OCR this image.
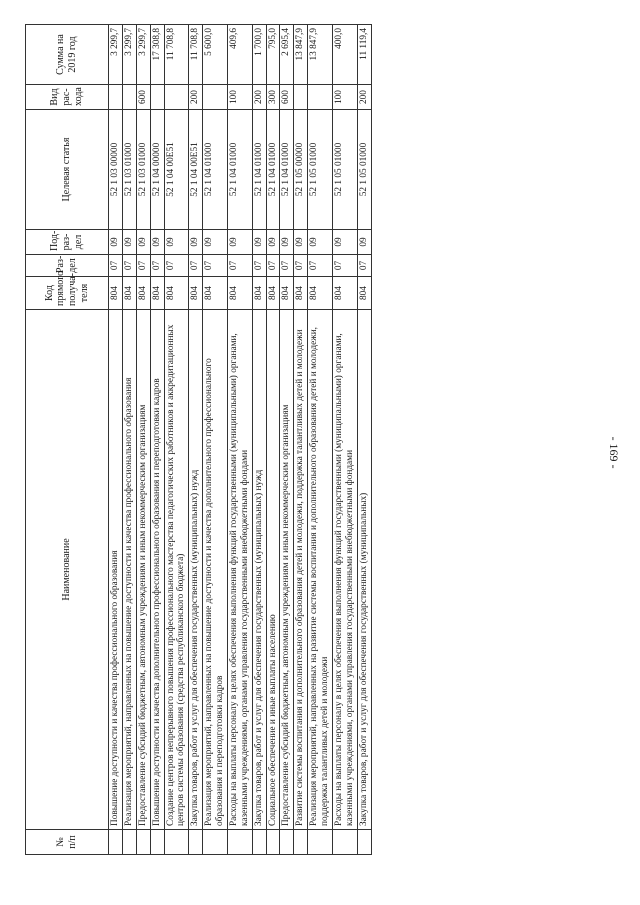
- 169 -
№ п/п	Наименование	Код прямого получа-теля	Раз-дел	Под-раз-дел	Целевая статья	Вид рас-хода	Сумма на 2019 год
	Повышение доступности и качества профессионального образования	804	07	09	52 1 03 00000		3 299,7
	Реализация мероприятий, направленных на повышение доступности и качества профессионального образования	804	07	09	52 1 03 01000		3 299,7
	Предоставление субсидий бюджетным, автономным учреждениям и иным некоммерческим организациям	804	07	09	52 1 03 01000	600	3 299,7
	Повышение доступности и качества дополнительного профессионального образования и переподготовки кадров	804	07	09	52 1 04 00000		17 308,8
	Создание центров непрерывного повышения профессионального мастерства педагогических работников и аккредитационных центров системы образования (средства республиканского бюджета)	804	07	09	52 1 04 00Е51		11 708,8
	Закупка товаров, работ и услуг для обеспечения государственных (муниципальных) нужд	804	07	09	52 1 04 00Е51	200	11 708,8
	Реализация мероприятий, направленных на повышение доступности и качества дополнительного профессионального образования и переподготовки кадров	804	07	09	52 1 04 01000		5 600,0
	Расходы на выплаты персоналу в целях обеспечения выполнения функций государственными (муниципальными) органами, казенными учреждениями, органами управления государственными внебюджетными фондами	804	07	09	52 1 04 01000	100	409,6
	Закупка товаров, работ и услуг для обеспечения государственных (муниципальных) нужд	804	07	09	52 1 04 01000	200	1 700,0
	Социальное обеспечение и иные выплаты населению	804	07	09	52 1 04 01000	300	795,0
	Предоставление субсидий бюджетным, автономным учреждениям и иным некоммерческим организациям	804	07	09	52 1 04 01000	600	2 695,4
	Развитие системы воспитания и дополнительного образования детей и молодежи, поддержка талантливых детей и молодежи	804	07	09	52 1 05 00000		13 847,9
	Реализация мероприятий, направленных на развитие системы воспитания и дополнительного образования детей и молодежи, поддержка талантливых детей и молодежи	804	07	09	52 1 05 01000		13 847,9
	Расходы на выплаты персоналу в целях обеспечения выполнения функций государственными (муниципальными) органами, казенными учреждениями, органами управления государственными внебюджетными фондами	804	07	09	52 1 05 01000	100	400,0
	Закупка товаров, работ и услуг для обеспечения государственных (муниципальных)	804	07	09	52 1 05 01000	200	11 119,4
